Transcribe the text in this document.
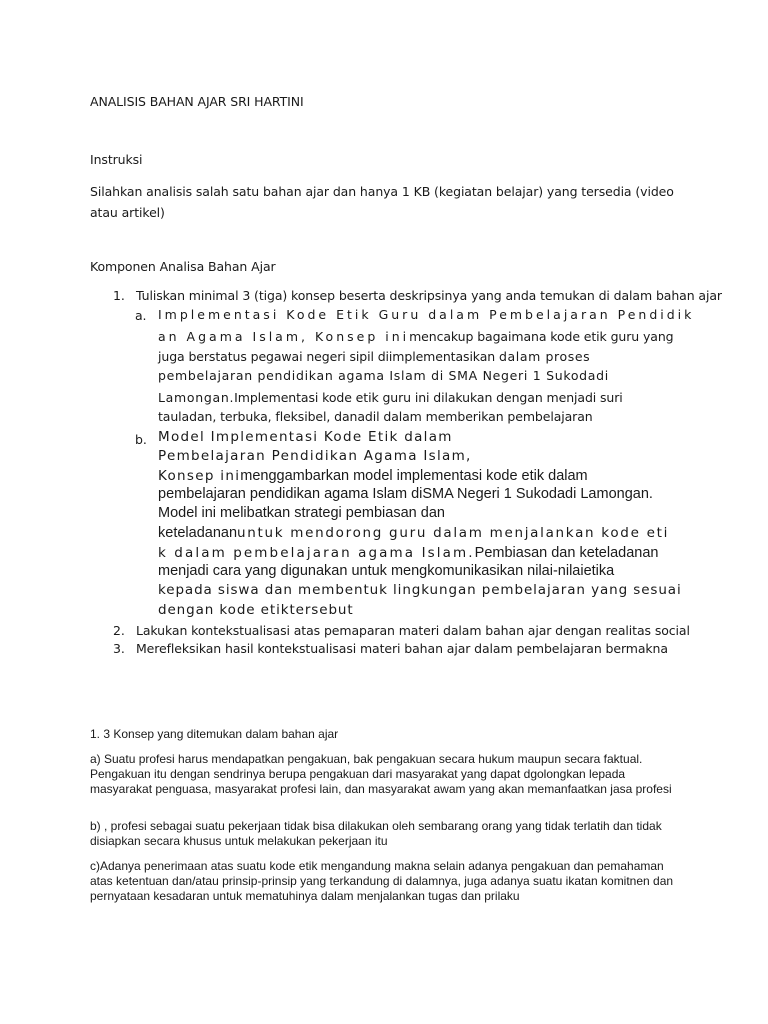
ANALISIS BAHAN AJAR SRI HARTINI
Instruksi
Silahkan analisis salah satu bahan ajar dan hanya 1 KB (kegiatan belajar) yang tersedia (video atau artikel)
Komponen Analisa Bahan Ajar
1. Tuliskan minimal 3 (tiga) konsep beserta deskripsinya yang anda temukan di dalam bahan ajar
a. Implementasi Kode Etik Guru dalam Pembelajaran Pendidik
an Agama Islam, Konsep inimencakup bagaimana kode etik guru yang
juga berstatus pegawai negeri sipil diimplementasikan dalam proses
pembelajaran pendidikan agama Islam di SMA Negeri 1 Sukodadi
Lamongan.Implementasi kode etik guru ini dilakukan dengan menjadi suri
tauladan, terbuka, fleksibel, danadil dalam memberikan pembelajaran
b. Model Implementasi Kode Etik dalam
Pembelajaran Pendidikan Agama Islam,
Konsep inimenggambarkan model implementasi kode etik dalam
pembelajaran pendidikan agama Islam diSMA Negeri 1 Sukodadi Lamongan.
Model ini melibatkan strategi pembiasan dan
keteladananuntuk mendorong guru dalam menjalankan kode eti
k dalam pembelajaran agama Islam.Pembiasan dan keteladanan
menjadi cara yang digunakan untuk mengkomunikasikan nilai-nilaietika
kepada siswa dan membentuk lingkungan pembelajaran yang sesuai
dengan kode etiktersebut
2. Lakukan kontekstualisasi atas pemaparan materi dalam bahan ajar dengan realitas social
3. Merefleksikan hasil kontekstualisasi materi bahan ajar dalam pembelajaran bermakna
1. 3 Konsep yang ditemukan dalam bahan ajar
a) Suatu profesi harus mendapatkan pengakuan, bak pengakuan secara hukum maupun secara faktual. Pengakuan itu dengan sendrinya berupa pengakuan dari masyarakat yang dapat dgolongkan lepada masyarakat penguasa, masyarakat profesi lain, dan masyarakat awam yang akan memanfaatkan jasa profesi
b) , profesi sebagai suatu pekerjaan tidak bisa dilakukan oleh sembarang orang yang tidak terlatih dan tidak disiapkan secara khusus untuk melakukan pekerjaan itu
c)Adanya penerimaan atas suatu kode etik mengandung makna selain adanya pengakuan dan pemahaman atas ketentuan dan/atau prinsip-prinsip yang terkandung di dalamnya, juga adanya suatu ikatan komitnen dan pernyataan kesadaran untuk mematuhinya dalam menjalankan tugas dan prilaku
